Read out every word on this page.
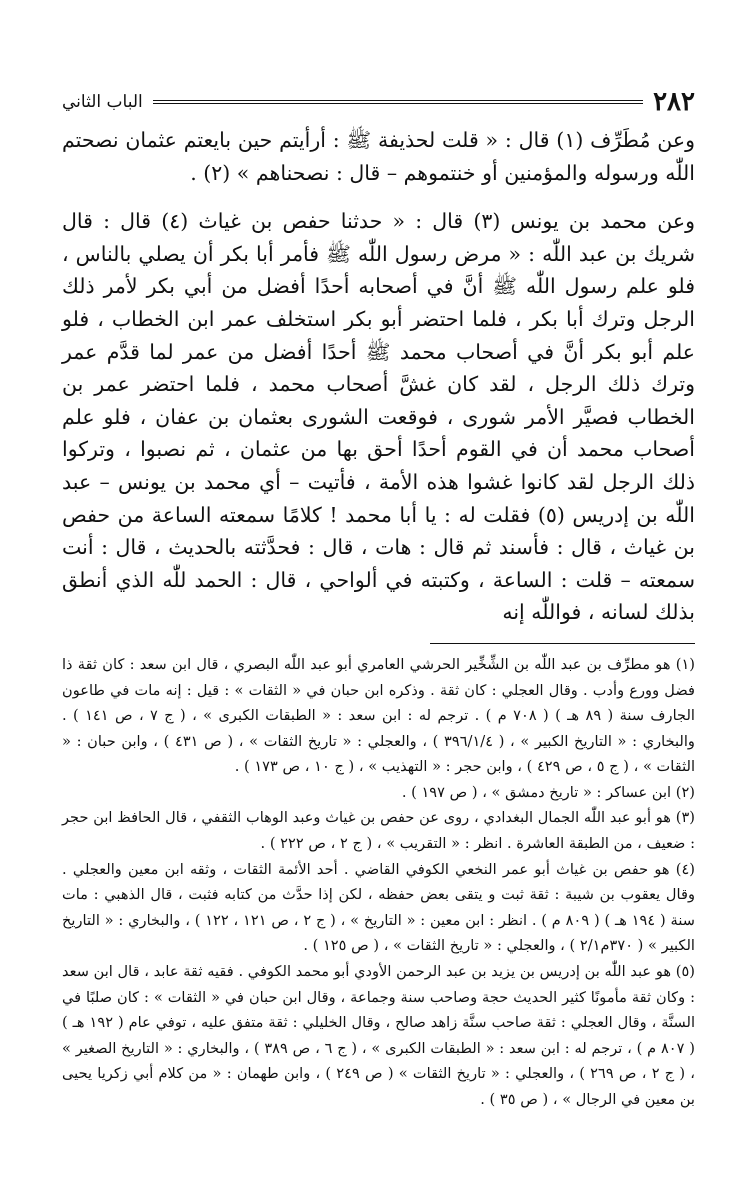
٢٨٢
الباب الثاني

وعن مُطَرِّف (١) قال : « قلت لحذيفة ﷺ : أرأيتم حين بايعتم عثمان نصحتم اللّٰه ورسوله والمؤمنين أو خنتموهم – قال : نصحناهم » (٢) .

وعن محمد بن يونس (٣) قال : « حدثنا حفص بن غياث (٤) قال : قال شريك بن عبد اللّٰه : « مرض رسول اللّٰه ﷺ فأمر أبا بكر أن يصلي بالناس ، فلو علم رسول اللّٰه ﷺ أنَّ في أصحابه أحدًا أفضل من أبي بكر لأمر ذلك الرجل وترك أبا بكر ، فلما احتضر أبو بكر استخلف عمر ابن الخطاب ، فلو علم أبو بكر أنَّ في أصحاب محمد ﷺ أحدًا أفضل من عمر لما قدَّم عمر وترك ذلك الرجل ، لقد كان غشَّ أصحاب محمد ، فلما احتضر عمر بن الخطاب فصيَّر الأمر شورى ، فوقعت الشورى بعثمان بن عفان ، فلو علم أصحاب محمد أن في القوم أحدًا أحق بها من عثمان ، ثم نصبوا ، وتركوا ذلك الرجل لقد كانوا غشوا هذه الأمة ، فأتيت – أي محمد بن يونس – عبد اللّٰه بن إدريس (٥) فقلت له : يا أبا محمد ! كلامًا سمعته الساعة من حفص بن غياث ، قال : فأسند ثم قال : هات ، قال : فحدَّثته بالحديث ، قال : أنت سمعته – قلت : الساعة ، وكتبته في ألواحي ، قال : الحمد للّٰه الذي أنطق بذلك لسانه ، فواللّٰه إنه

(١) هو مطرِّف بن عبد اللّٰه بن الشِّخِّير الحرشي العامري أبو عبد اللّٰه البصري ، قال ابن سعد : كان ثقة ذا فضل وورع وأدب . وقال العجلي : كان ثقة . وذكره ابن حبان في « الثقات » : قيل : إنه مات في طاعون الجارف سنة ( ٨٩ هـ ) ( ٧٠٨ م ) . ترجم له : ابن سعد : « الطبقات الكبرى » ، ( ج ٧ ، ص ١٤١ ) . والبخاري : « التاريخ الكبير » ، ( ٣٩٦/١/٤ ) ، والعجلي : « تاريخ الثقات » ، ( ص ٤٣١ ) ، وابن حبان : « الثقات » ، ( ج ٥ ، ص ٤٢٩ ) ، وابن حجر : « التهذيب » ، ( ج ١٠ ، ص ١٧٣ ) .

(٢) ابن عساكر : « تاريخ دمشق » ، ( ص ١٩٧ ) .

(٣) هو أبو عبد اللّٰه الجمال البغدادي ، روى عن حفص بن غياث وعبد الوهاب الثقفي ، قال الحافظ ابن حجر : ضعيف ، من الطبقة العاشرة . انظر : « التقريب » ، ( ج ٢ ، ص ٢٢٢ ) .

(٤) هو حفص بن غياث أبو عمر النخعي الكوفي القاضي . أحد الأئمة الثقات ، وثقه ابن معين والعجلي . وقال يعقوب بن شيبة : ثقة ثبت و يتقى بعض حفظه ، لكن إذا حدَّث من كتابه فثبت ، قال الذهبي : مات سنة ( ١٩٤ هـ ) ( ٨٠٩ م ) . انظر : ابن معين : « التاريخ » ، ( ج ٢ ، ص ١٢١ ، ١٢٢ ) ، والبخاري : « التاريخ الكبير » ( ٣٧٠م٢/١ ) ، والعجلي : « تاريخ الثقات » ، ( ص ١٢٥ ) .

(٥) هو عبد اللّٰه بن إدريس بن يزيد بن عبد الرحمن الأودي أبو محمد الكوفي . فقيه ثقة عابد ، قال ابن سعد : وكان ثقة مأمونًا كثير الحديث حجة وصاحب سنة وجماعة ، وقال ابن حبان في « الثقات » : كان صلبًا في السنَّة ، وقال العجلي : ثقة صاحب سنَّة زاهد صالح ، وقال الخليلي : ثقة متفق عليه ، توفي عام ( ١٩٢ هـ ) ( ٨٠٧ م ) ، ترجم له : ابن سعد : « الطبقات الكبرى » ، ( ج ٦ ، ص ٣٨٩ ) ، والبخاري : « التاريخ الصغير » ، ( ج ٢ ، ص ٢٦٩ ) ، والعجلي : « تاريخ الثقات » ( ص ٢٤٩ ) ، وابن طهمان : « من كلام أبي زكريا يحيى بن معين في الرجال » ، ( ص ٣٥ ) .
